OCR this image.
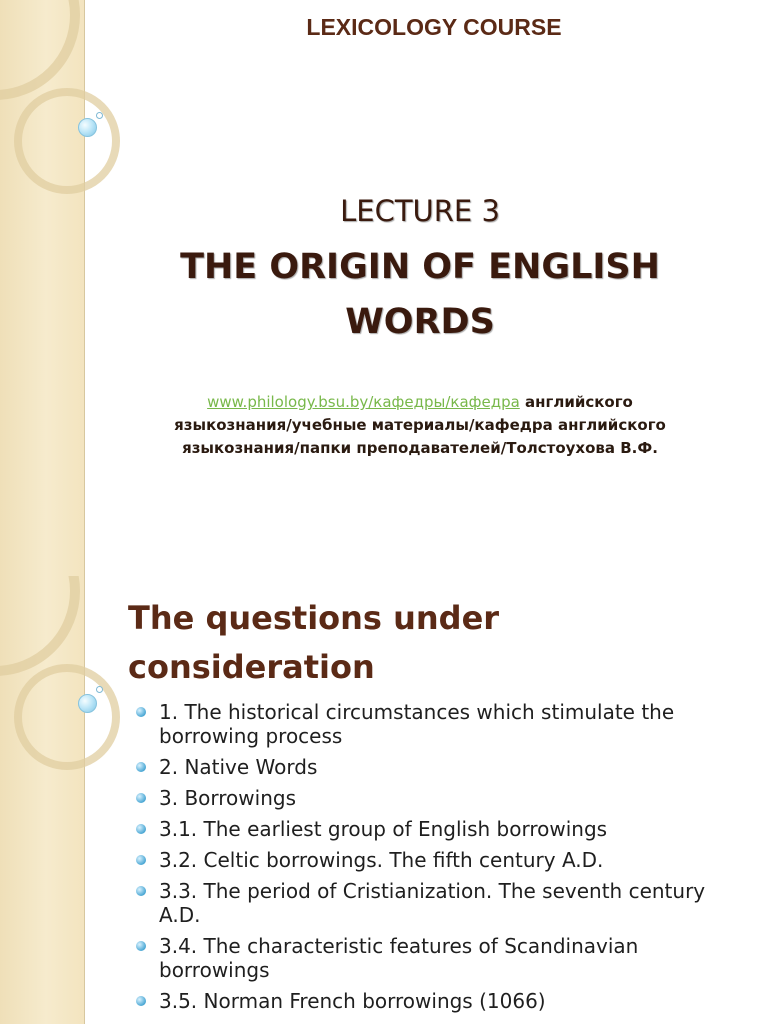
LEXICOLOGY COURSE
LECTURE 3
THE ORIGIN OF ENGLISH
WORDS
www.philology.bsu.by/кафедры/кафедра английского
языкознания/учебные материалы/кафедра английского
языкознания/папки преподавателей/Толстоухова В.Ф.
The questions under
consideration
1. The historical circumstances which stimulate the borrowing process
2. Native Words
3. Borrowings
3.1. The earliest group of English borrowings
3.2. Celtic borrowings. The fifth century A.D.
3.3. The period of Cristianization. The seventh century A.D.
3.4. The characteristic features of Scandinavian borrowings
3.5. Norman French borrowings (1066)
